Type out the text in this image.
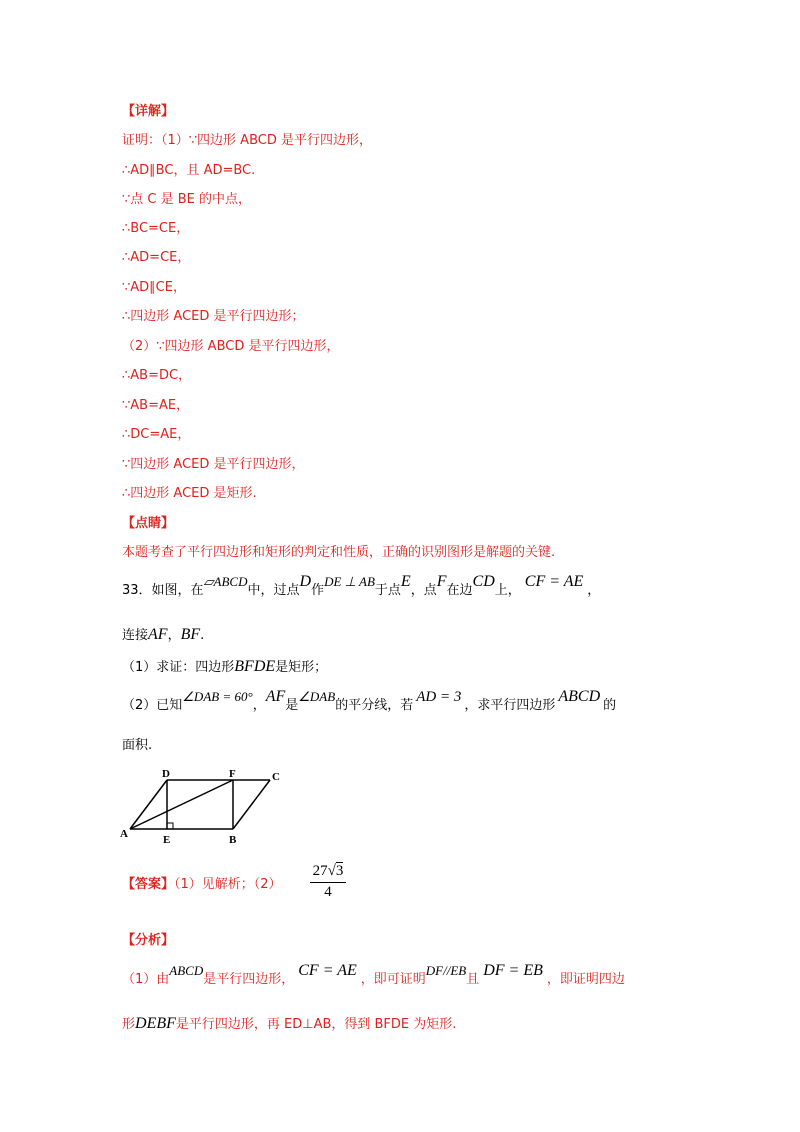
【详解】
证明：（1）∵四边形 ABCD 是平行四边形，
∴AD∥BC，且 AD=BC.
∵点 C 是 BE 的中点，
∴BC=CE，
∴AD=CE，
∵AD∥CE，
∴四边形 ACED 是平行四边形；
（2）∵四边形 ABCD 是平行四边形，
∴AB=DC，
∵AB=AE，
∴DC=AE，
∵四边形 ACED 是平行四边形，
∴四边形 ACED 是矩形.
【点睛】
本题考查了平行四边形和矩形的判定和性质，正确的识别图形是解题的关键.
33．如图，在▱ABCD中，过点D作DE ⊥ AB于点E，点F在边CD上，CF = AE，
连接AF，BF.
（1）求证：四边形BFDE是矩形；
（2）已知∠DAB = 60°，AF是∠DAB的平分线，若AD = 3，求平行四边形ABCD的
面积.
D	F	C
A	E	B
【答案】（1）见解析；（2）
27√3
4
【分析】
（1）由ABCD是平行四边形，CF = AE，即可证明DF//EB且DF = EB，即证明四边
形DEBF是平行四边形，再 ED⊥AB，得到 BFDE 为矩形.
